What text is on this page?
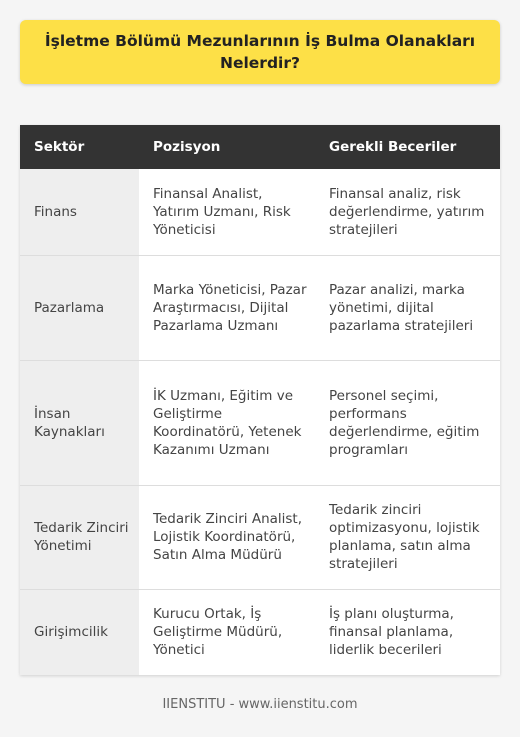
İşletme Bölümü Mezunlarının İş Bulma Olanakları Nelerdir?
Sektör	Pozisyon	Gerekli Beceriler
Finans	Finansal Analist, Yatırım Uzmanı, Risk Yöneticisi	Finansal analiz, risk değerlendirme, yatırım stratejileri
Pazarlama	Marka Yöneticisi, Pazar Araştırmacısı, Dijital Pazarlama Uzmanı	Pazar analizi, marka yönetimi, dijital pazarlama stratejileri
İnsan Kaynakları	İK Uzmanı, Eğitim ve Geliştirme Koordinatörü, Yetenek Kazanımı Uzmanı	Personel seçimi, performans değerlendirme, eğitim programları
Tedarik Zinciri Yönetimi	Tedarik Zinciri Analist, Lojistik Koordinatörü, Satın Alma Müdürü	Tedarik zinciri optimizasyonu, lojistik planlama, satın alma stratejileri
Girişimcilik	Kurucu Ortak, İş Geliştirme Müdürü, Yönetici	İş planı oluşturma, finansal planlama, liderlik becerileri
IIENSTITU - www.iienstitu.com
